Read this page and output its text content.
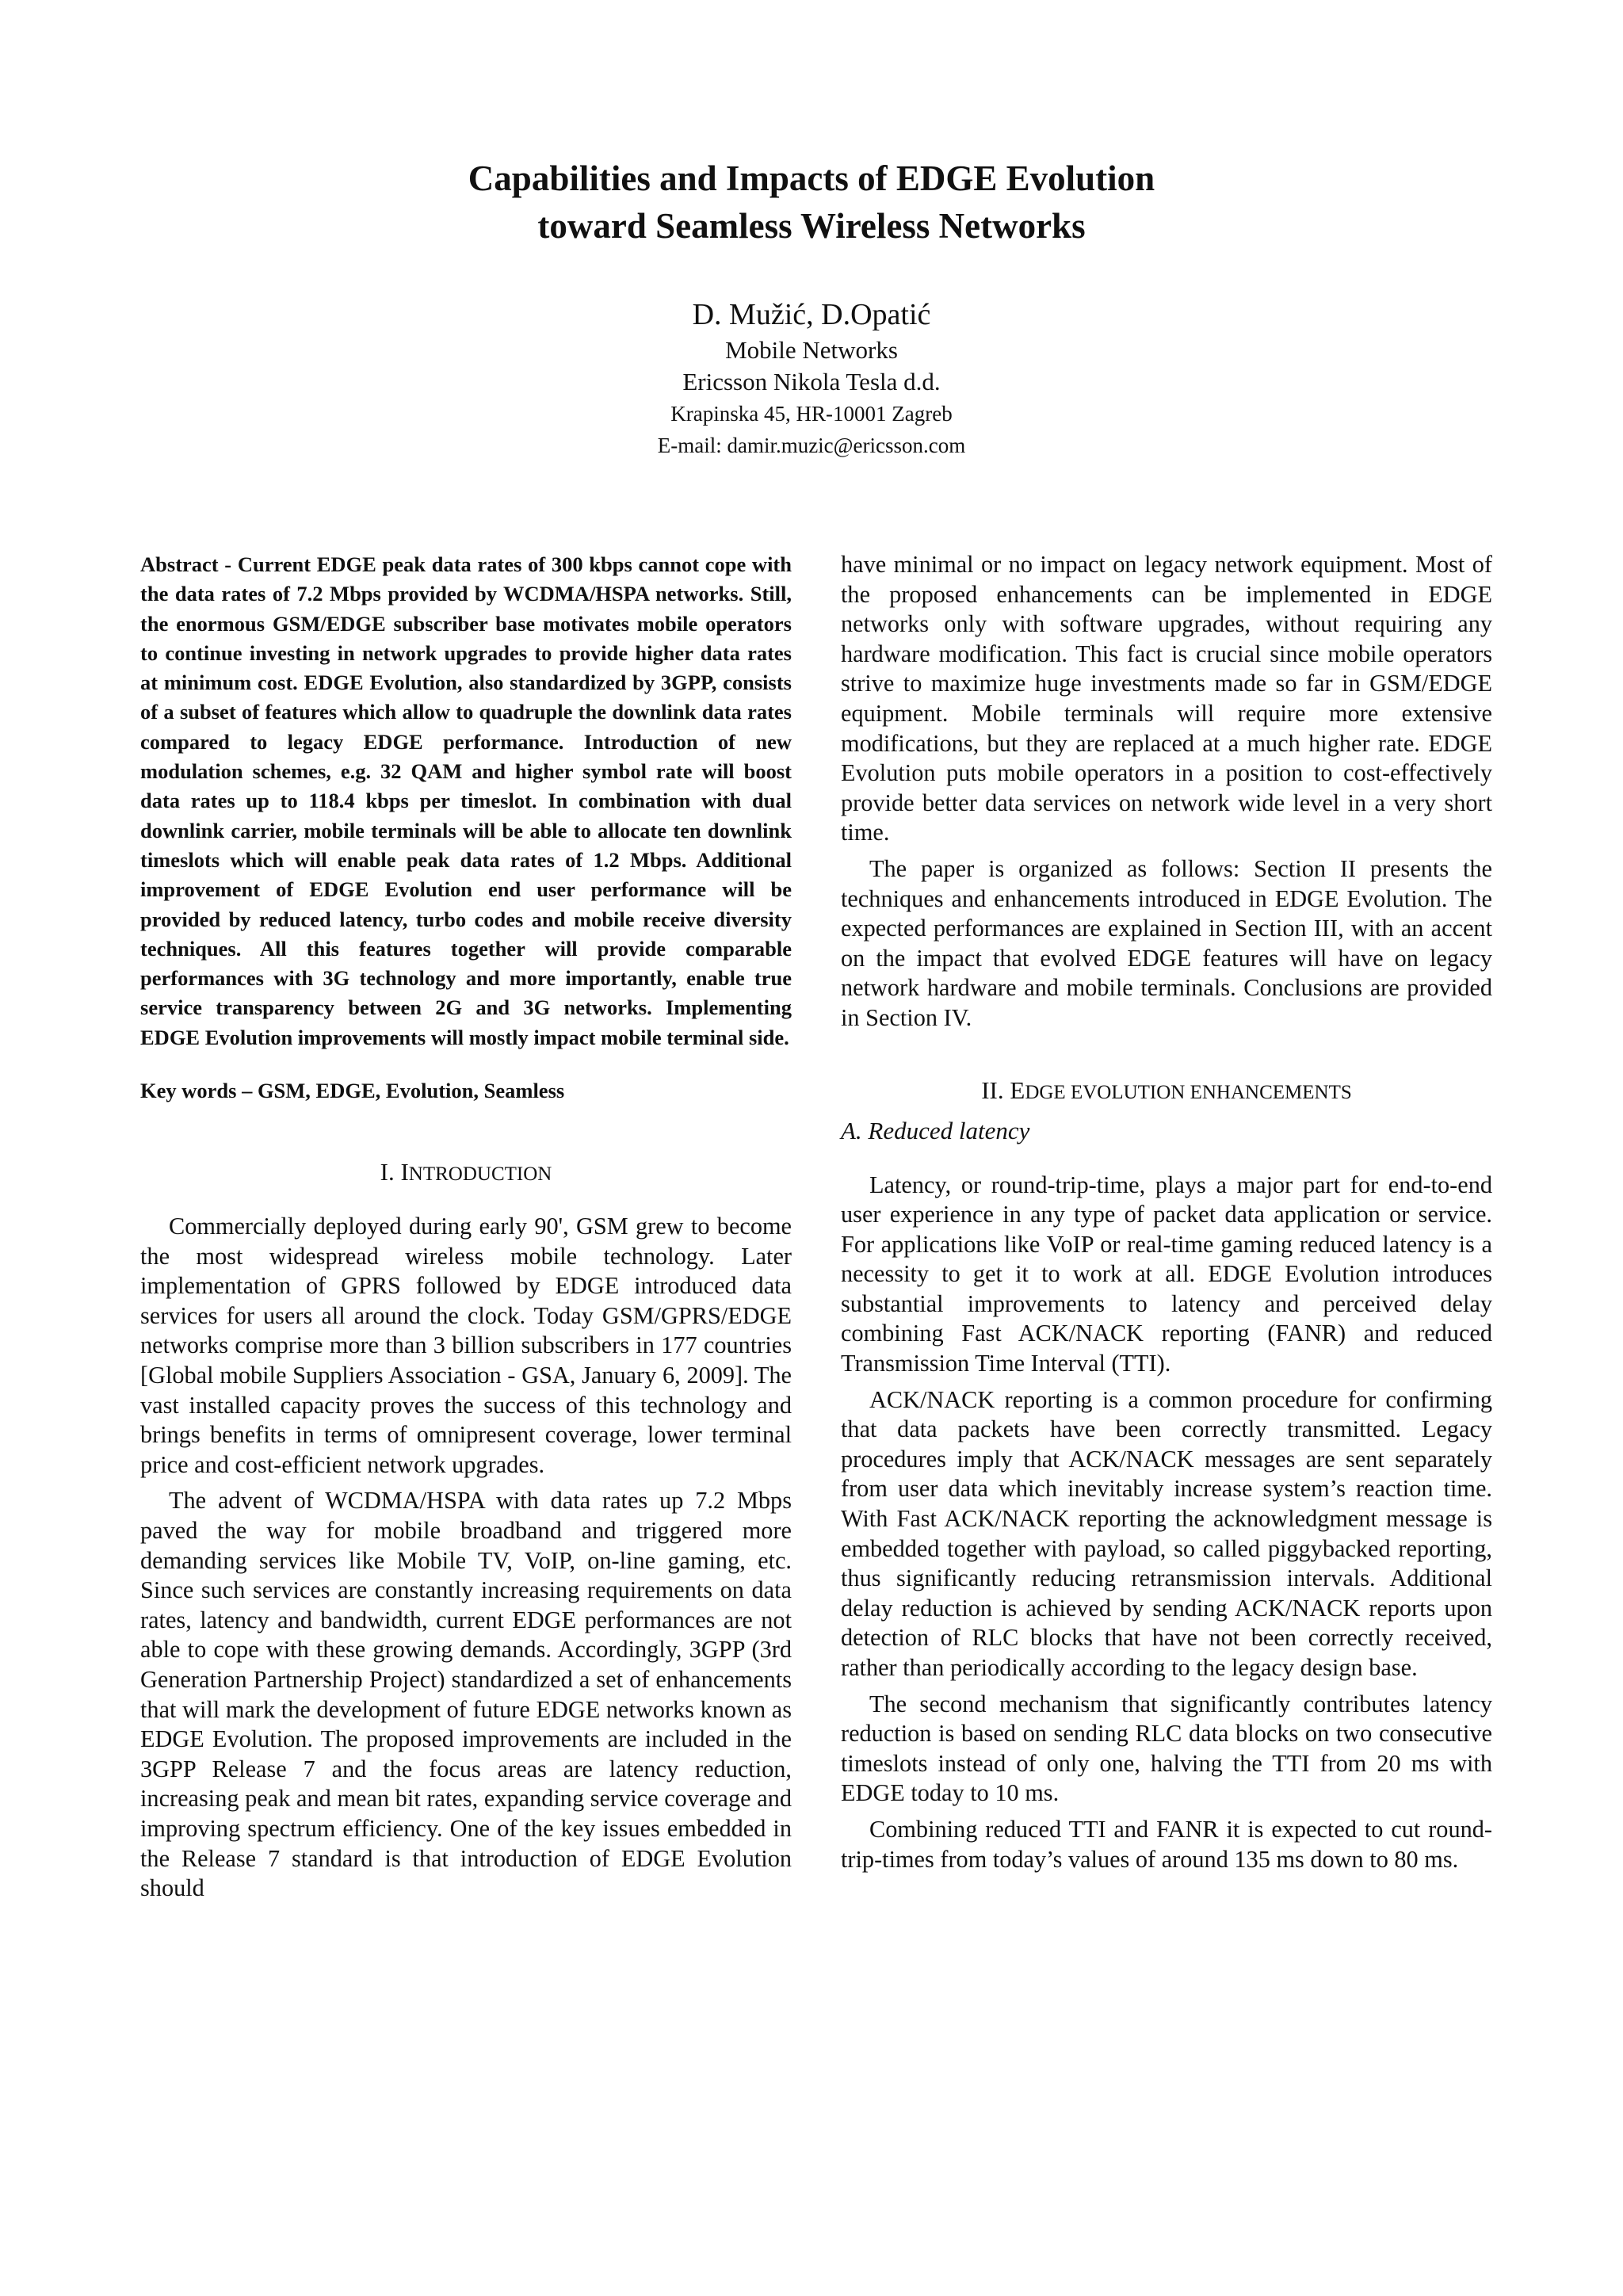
Capabilities and Impacts of EDGE Evolution
toward Seamless Wireless Networks
D. Mužić, D.Opatić
Mobile Networks
Ericsson Nikola Tesla d.d.
Krapinska 45, HR-10001 Zagreb
E-mail: damir.muzic@ericsson.com

Abstract - Current EDGE peak data rates of 300 kbps cannot cope with the data rates of 7.2 Mbps provided by WCDMA/HSPA networks. Still, the enormous GSM/EDGE subscriber base motivates mobile operators to continue investing in network upgrades to provide higher data rates at minimum cost. EDGE Evolution, also standardized by 3GPP, consists of a subset of features which allow to quadruple the downlink data rates compared to legacy EDGE performance. Introduction of new modulation schemes, e.g. 32 QAM and higher symbol rate will boost data rates up to 118.4 kbps per timeslot. In combination with dual downlink carrier, mobile terminals will be able to allocate ten downlink timeslots which will enable peak data rates of 1.2 Mbps. Additional improvement of EDGE Evolution end user performance will be provided by reduced latency, turbo codes and mobile receive diversity techniques. All this features together will provide comparable performances with 3G technology and more importantly, enable true service transparency between 2G and 3G networks. Implementing EDGE Evolution improvements will mostly impact mobile terminal side.

Key words – GSM, EDGE, Evolution, Seamless

I. INTRODUCTION

Commercially deployed during early 90', GSM grew to become the most widespread wireless mobile technology. Later implementation of GPRS followed by EDGE introduced data services for users all around the clock. Today GSM/GPRS/EDGE networks comprise more than 3 billion subscribers in 177 countries [Global mobile Suppliers Association - GSA, January 6, 2009]. The vast installed capacity proves the success of this technology and brings benefits in terms of omnipresent coverage, lower terminal price and cost-efficient network upgrades.

The advent of WCDMA/HSPA with data rates up 7.2 Mbps paved the way for mobile broadband and triggered more demanding services like Mobile TV, VoIP, on-line gaming, etc. Since such services are constantly increasing requirements on data rates, latency and bandwidth, current EDGE performances are not able to cope with these growing demands. Accordingly, 3GPP (3rd Generation Partnership Project) standardized a set of enhancements that will mark the development of future EDGE networks known as EDGE Evolution. The proposed improvements are included in the 3GPP Release 7 and the focus areas are latency reduction, increasing peak and mean bit rates, expanding service coverage and improving spectrum efficiency. One of the key issues embedded in the Release 7 standard is that introduction of EDGE Evolution should

have minimal or no impact on legacy network equipment. Most of the proposed enhancements can be implemented in EDGE networks only with software upgrades, without requiring any hardware modification. This fact is crucial since mobile operators strive to maximize huge investments made so far in GSM/EDGE equipment. Mobile terminals will require more extensive modifications, but they are replaced at a much higher rate. EDGE Evolution puts mobile operators in a position to cost-effectively provide better data services on network wide level in a very short time.

The paper is organized as follows: Section II presents the techniques and enhancements introduced in EDGE Evolution. The expected performances are explained in Section III, with an accent on the impact that evolved EDGE features will have on legacy network hardware and mobile terminals. Conclusions are provided in Section IV.

II. EDGE EVOLUTION ENHANCEMENTS
A. Reduced latency

Latency, or round-trip-time, plays a major part for end-to-end user experience in any type of packet data application or service. For applications like VoIP or real-time gaming reduced latency is a necessity to get it to work at all. EDGE Evolution introduces substantial improvements to latency and perceived delay combining Fast ACK/NACK reporting (FANR) and reduced Transmission Time Interval (TTI).

ACK/NACK reporting is a common procedure for confirming that data packets have been correctly transmitted. Legacy procedures imply that ACK/NACK messages are sent separately from user data which inevitably increase system’s reaction time. With Fast ACK/NACK reporting the acknowledgment message is embedded together with payload, so called piggybacked reporting, thus significantly reducing retransmission intervals. Additional delay reduction is achieved by sending ACK/NACK reports upon detection of RLC blocks that have not been correctly received, rather than periodically according to the legacy design base.

The second mechanism that significantly contributes latency reduction is based on sending RLC data blocks on two consecutive timeslots instead of only one, halving the TTI from 20 ms with EDGE today to 10 ms.

Combining reduced TTI and FANR it is expected to cut round-trip-times from today’s values of around 135 ms down to 80 ms.
